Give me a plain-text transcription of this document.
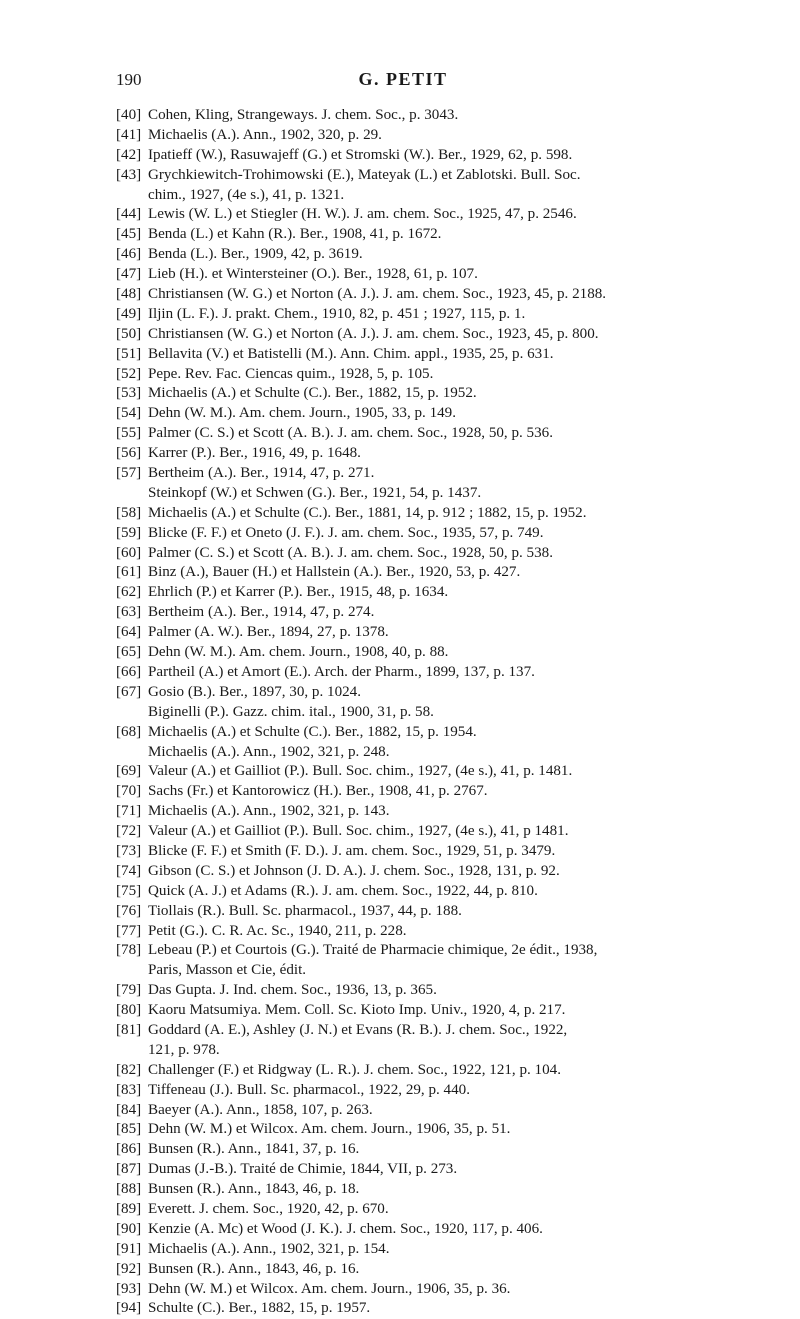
190	G. PETIT
[40] Cohen, Kling, Strangeways. J. chem. Soc., p. 3043.
[41] Michaelis (A.). Ann., 1902, 320, p. 29.
[42] Ipatieff (W.), Rasuwajeff (G.) et Stromski (W.). Ber., 1929, 62, p. 598.
[43] Grychkiewitch-Trohimowski (E.), Mateyak (L.) et Zablotski. Bull. Soc.
chim., 1927, (4e s.), 41, p. 1321.
[44] Lewis (W. L.) et Stiegler (H. W.). J. am. chem. Soc., 1925, 47, p. 2546.
[45] Benda (L.) et Kahn (R.). Ber., 1908, 41, p. 1672.
[46] Benda (L.). Ber., 1909, 42, p. 3619.
[47] Lieb (H.). et Wintersteiner (O.). Ber., 1928, 61, p. 107.
[48] Christiansen (W. G.) et Norton (A. J.). J. am. chem. Soc., 1923, 45, p. 2188.
[49] Iljin (L. F.). J. prakt. Chem., 1910, 82, p. 451 ; 1927, 115, p. 1.
[50] Christiansen (W. G.) et Norton (A. J.). J. am. chem. Soc., 1923, 45, p. 800.
[51] Bellavita (V.) et Batistelli (M.). Ann. Chim. appl., 1935, 25, p. 631.
[52] Pepe. Rev. Fac. Ciencas quim., 1928, 5, p. 105.
[53] Michaelis (A.) et Schulte (C.). Ber., 1882, 15, p. 1952.
[54] Dehn (W. M.). Am. chem. Journ., 1905, 33, p. 149.
[55] Palmer (C. S.) et Scott (A. B.). J. am. chem. Soc., 1928, 50, p. 536.
[56] Karrer (P.). Ber., 1916, 49, p. 1648.
[57] Bertheim (A.). Ber., 1914, 47, p. 271.
Steinkopf (W.) et Schwen (G.). Ber., 1921, 54, p. 1437.
[58] Michaelis (A.) et Schulte (C.). Ber., 1881, 14, p. 912 ; 1882, 15, p. 1952.
[59] Blicke (F. F.) et Oneto (J. F.). J. am. chem. Soc., 1935, 57, p. 749.
[60] Palmer (C. S.) et Scott (A. B.). J. am. chem. Soc., 1928, 50, p. 538.
[61] Binz (A.), Bauer (H.) et Hallstein (A.). Ber., 1920, 53, p. 427.
[62] Ehrlich (P.) et Karrer (P.). Ber., 1915, 48, p. 1634.
[63] Bertheim (A.). Ber., 1914, 47, p. 274.
[64] Palmer (A. W.). Ber., 1894, 27, p. 1378.
[65] Dehn (W. M.). Am. chem. Journ., 1908, 40, p. 88.
[66] Partheil (A.) et Amort (E.). Arch. der Pharm., 1899, 137, p. 137.
[67] Gosio (B.). Ber., 1897, 30, p. 1024.
Biginelli (P.). Gazz. chim. ital., 1900, 31, p. 58.
[68] Michaelis (A.) et Schulte (C.). Ber., 1882, 15, p. 1954.
Michaelis (A.). Ann., 1902, 321, p. 248.
[69] Valeur (A.) et Gailliot (P.). Bull. Soc. chim., 1927, (4e s.), 41, p. 1481.
[70] Sachs (Fr.) et Kantorowicz (H.). Ber., 1908, 41, p. 2767.
[71] Michaelis (A.). Ann., 1902, 321, p. 143.
[72] Valeur (A.) et Gailliot (P.). Bull. Soc. chim., 1927, (4e s.), 41, p 1481.
[73] Blicke (F. F.) et Smith (F. D.). J. am. chem. Soc., 1929, 51, p. 3479.
[74] Gibson (C. S.) et Johnson (J. D. A.). J. chem. Soc., 1928, 131, p. 92.
[75] Quick (A. J.) et Adams (R.). J. am. chem. Soc., 1922, 44, p. 810.
[76] Tiollais (R.). Bull. Sc. pharmacol., 1937, 44, p. 188.
[77] Petit (G.). C. R. Ac. Sc., 1940, 211, p. 228.
[78] Lebeau (P.) et Courtois (G.). Traité de Pharmacie chimique, 2e édit., 1938,
Paris, Masson et Cie, édit.
[79] Das Gupta. J. Ind. chem. Soc., 1936, 13, p. 365.
[80] Kaoru Matsumiya. Mem. Coll. Sc. Kioto Imp. Univ., 1920, 4, p. 217.
[81] Goddard (A. E.), Ashley (J. N.) et Evans (R. B.). J. chem. Soc., 1922,
121, p. 978.
[82] Challenger (F.) et Ridgway (L. R.). J. chem. Soc., 1922, 121, p. 104.
[83] Tiffeneau (J.). Bull. Sc. pharmacol., 1922, 29, p. 440.
[84] Baeyer (A.). Ann., 1858, 107, p. 263.
[85] Dehn (W. M.) et Wilcox. Am. chem. Journ., 1906, 35, p. 51.
[86] Bunsen (R.). Ann., 1841, 37, p. 16.
[87] Dumas (J.-B.). Traité de Chimie, 1844, VII, p. 273.
[88] Bunsen (R.). Ann., 1843, 46, p. 18.
[89] Everett. J. chem. Soc., 1920, 42, p. 670.
[90] Kenzie (A. Mc) et Wood (J. K.). J. chem. Soc., 1920, 117, p. 406.
[91] Michaelis (A.). Ann., 1902, 321, p. 154.
[92] Bunsen (R.). Ann., 1843, 46, p. 16.
[93] Dehn (W. M.) et Wilcox. Am. chem. Journ., 1906, 35, p. 36.
[94] Schulte (C.). Ber., 1882, 15, p. 1957.
